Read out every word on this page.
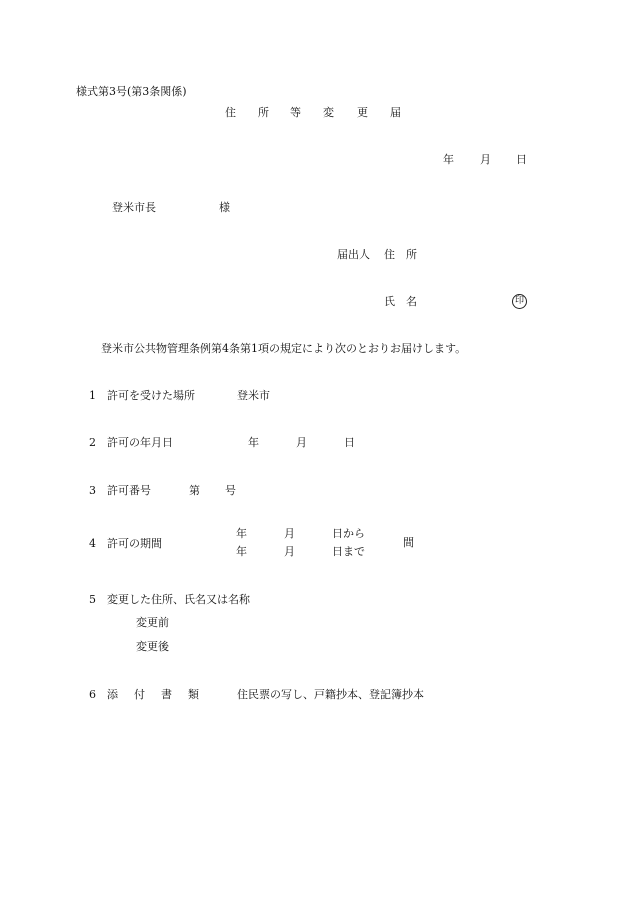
様式第3号(第3条関係)
住 所 等 変 更 届
年 月 日
登米市長	様
届出人 住　所
氏　名	印
登米市公共物管理条例第4条第1項の規定により次のとおりお届けします。
1 許可を受けた場所	登米市
2 許可の年月日	年	月	日
3 許可番号	第 号
4 許可の期間
年	月	日から
年	月	日まで
間
5 変更した住所、氏名又は名称
変更前
変更後
6 添 付 書 類	住民票の写し、戸籍抄本、登記簿抄本
